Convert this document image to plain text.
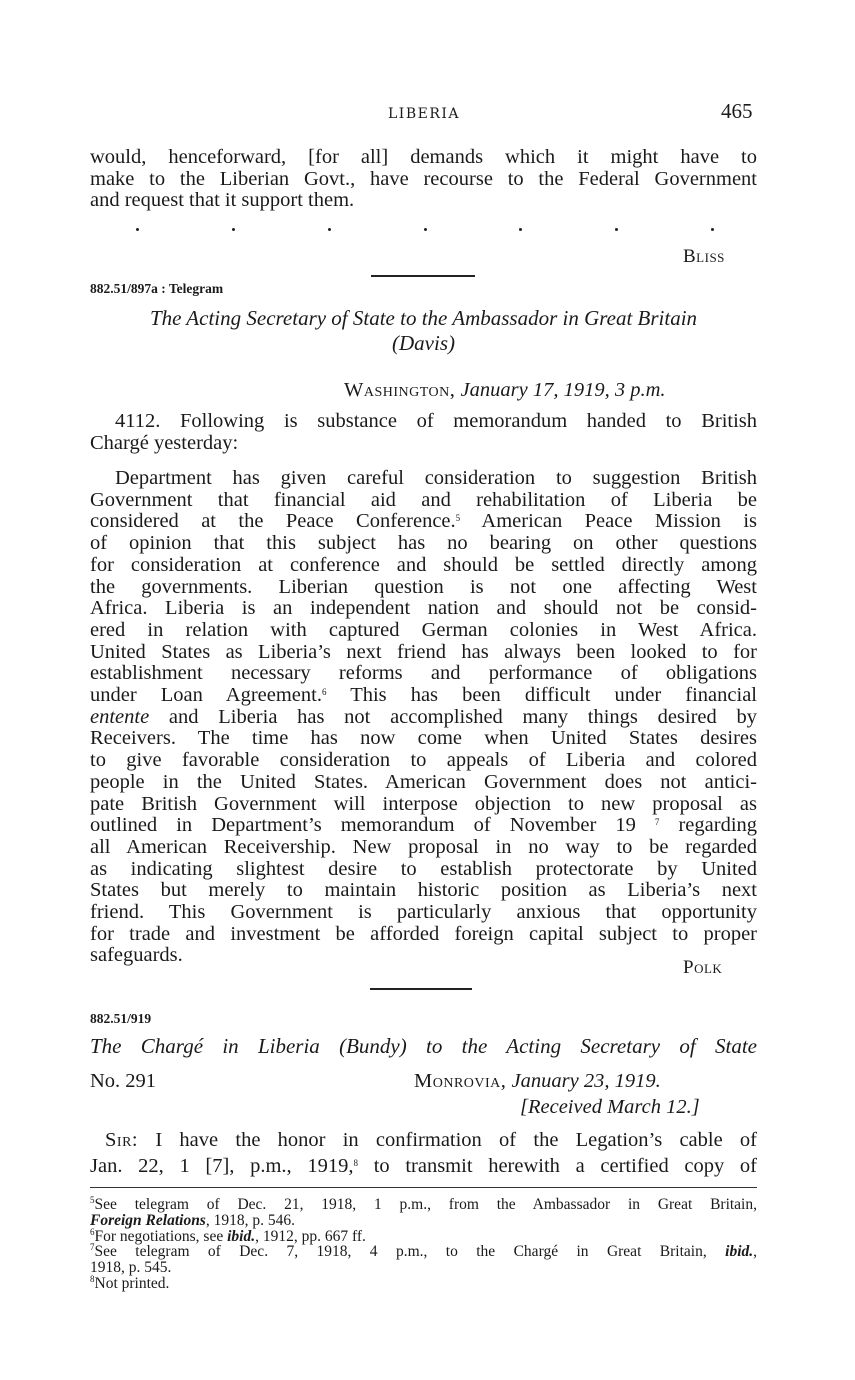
LIBERIA	465
would, henceforward, [for all] demands which it might have to
make to the Liberian Govt., have recourse to the Federal Government
and request that it support them.
Bliss
882.51/897a : Telegram
The Acting Secretary of State to the Ambassador in Great Britain
(Davis)
Washington, January 17, 1919, 3 p.m.
4112. Following is substance of memorandum handed to British
Chargé yesterday:
Department has given careful consideration to suggestion British
Government that financial aid and rehabilitation of Liberia be
considered at the Peace Conference.$^5$ American Peace Mission is
of opinion that this subject has no bearing on other questions
for consideration at conference and should be settled directly among
the governments. Liberian question is not one affecting West
Africa. Liberia is an independent nation and should not be consid-
ered in relation with captured German colonies in West Africa.
United States as Liberia’s next friend has always been looked to for
establishment necessary reforms and performance of obligations
under Loan Agreement.$^6$ This has been difficult under financial
entente and Liberia has not accomplished many things desired by
Receivers. The time has now come when United States desires
to give favorable consideration to appeals of Liberia and colored
people in the United States. American Government does not antici-
pate British Government will interpose objection to new proposal as
outlined in Department’s memorandum of November 19 $^7$ regarding
all American Receivership. New proposal in no way to be regarded
as indicating slightest desire to establish protectorate by United
States but merely to maintain historic position as Liberia’s next
friend. This Government is particularly anxious that opportunity
for trade and investment be afforded foreign capital subject to proper
safeguards.
Polk
882.51/919
The Chargé in Liberia (Bundy) to the Acting Secretary of State
No. 291	Monrovia, January 23, 1919.
[Received March 12.]
Sir: I have the honor in confirmation of the Legation’s cable of
Jan. 22, 1 [7], p.m., 1919,$^8$ to transmit herewith a certified copy of
$^5$See telegram of Dec. 21, 1918, 1 p.m., from the Ambassador in Great Britain,
Foreign Relations, 1918, p. 546.
$^6$For negotiations, see ibid., 1912, pp. 667 ff.
$^7$See telegram of Dec. 7, 1918, 4 p.m., to the Chargé in Great Britain, ibid.,
1918, p. 545.
$^8$Not printed.
